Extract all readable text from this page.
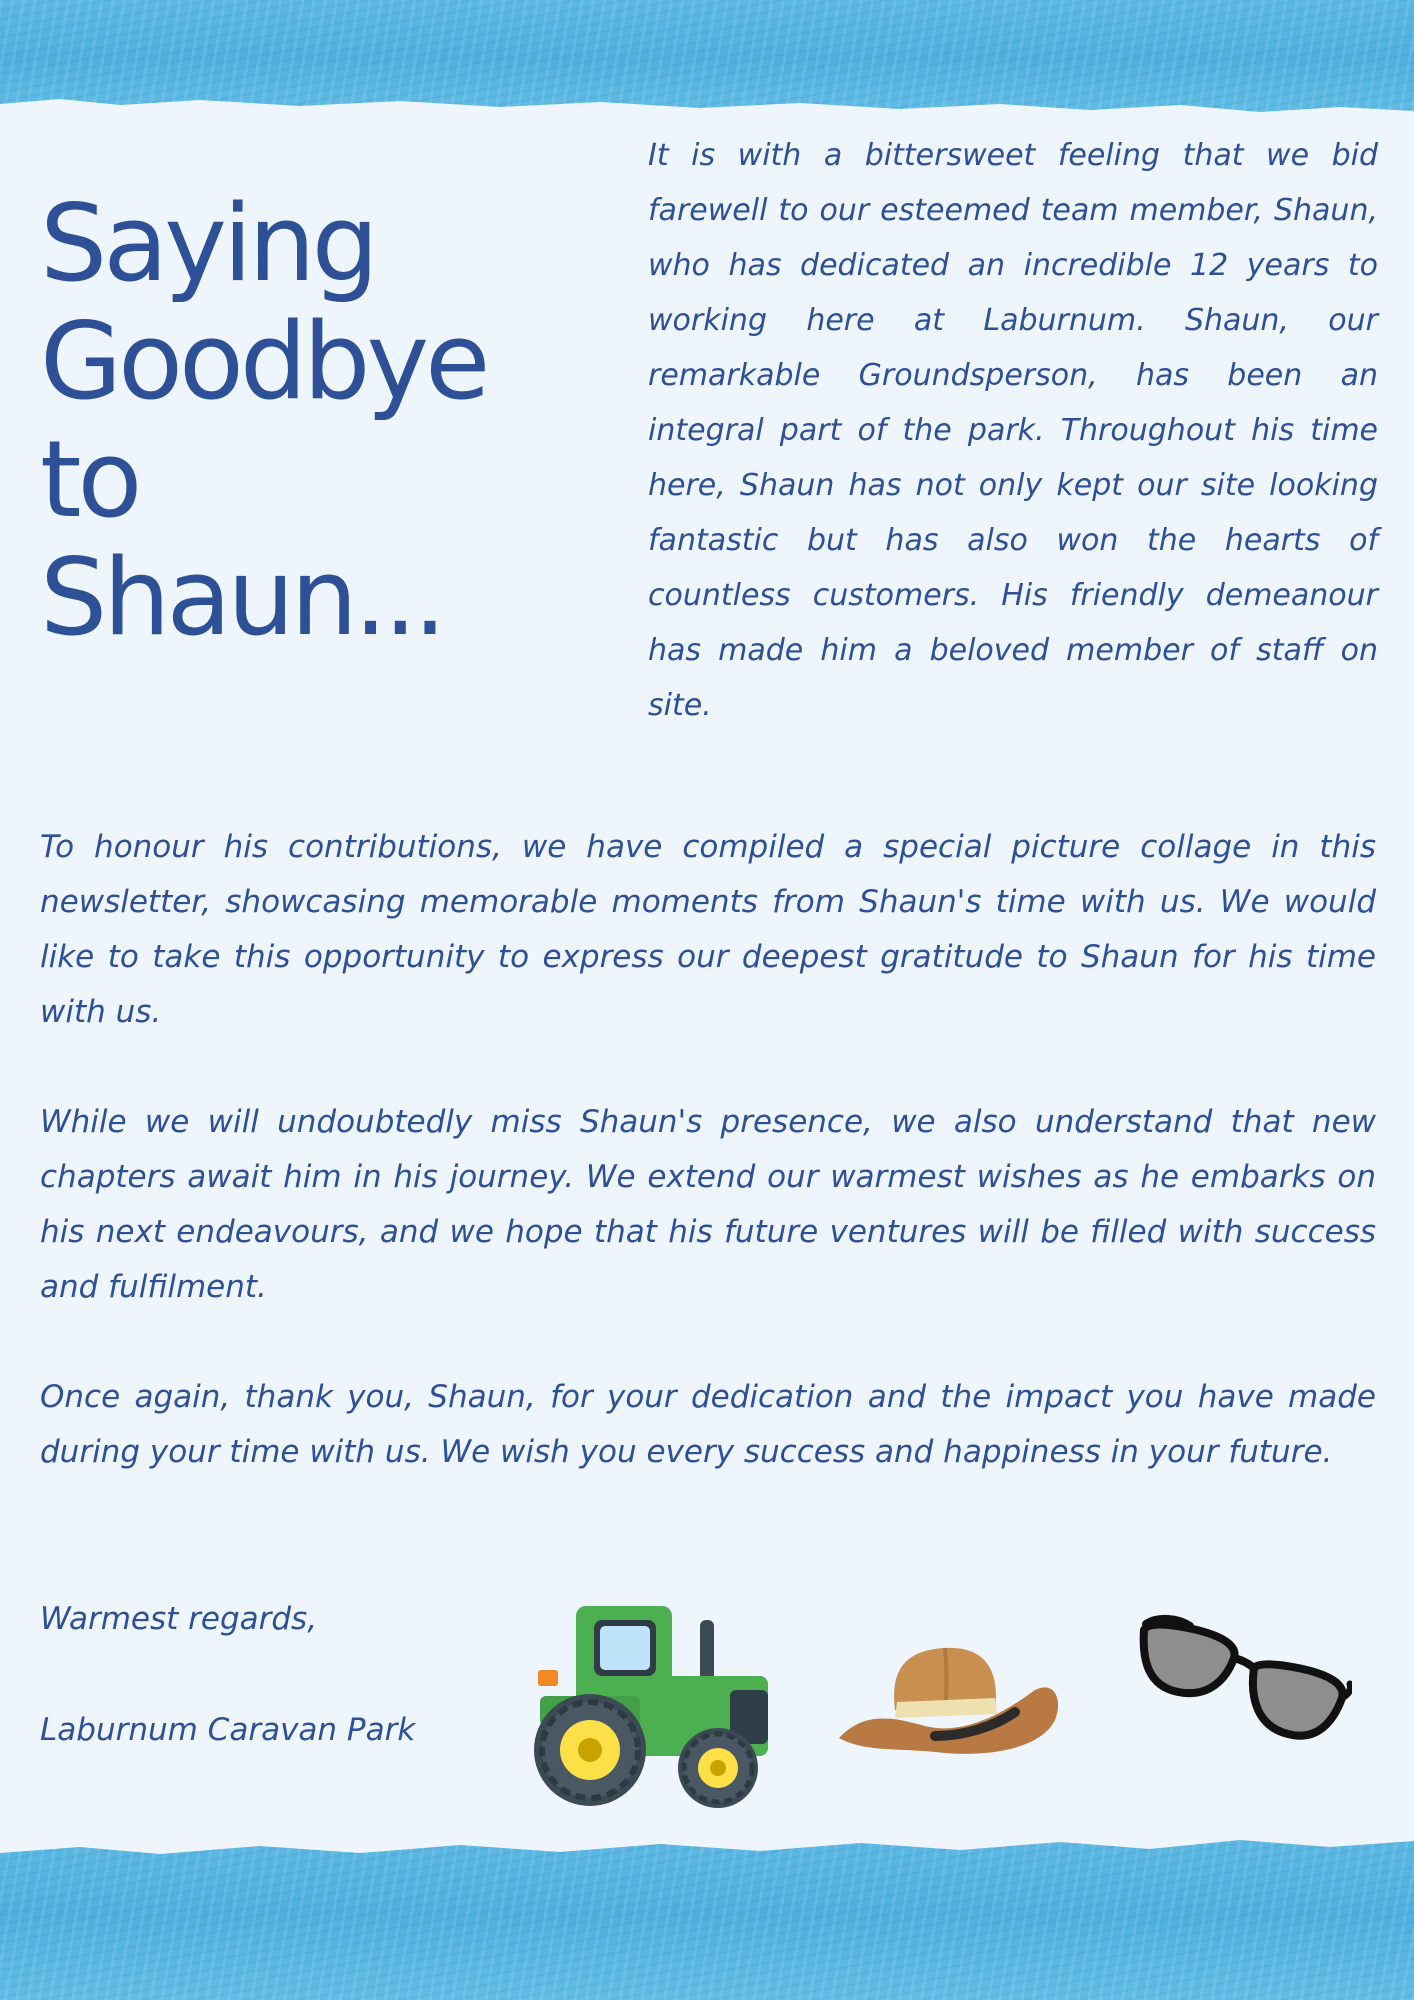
Saying
Goodbye
to
Shaun...

It is with a bittersweet feeling that we bid farewell to our esteemed team member, Shaun, who has dedicated an incredible 12 years to working here at Laburnum. Shaun, our remarkable Groundsperson, has been an integral part of the park. Throughout his time here, Shaun has not only kept our site looking fantastic but has also won the hearts of countless customers. His friendly demeanour has made him a beloved member of staff on site.

To honour his contributions, we have compiled a special picture collage in this newsletter, showcasing memorable moments from Shaun's time with us. We would like to take this opportunity to express our deepest gratitude to Shaun for his time with us.

While we will undoubtedly miss Shaun's presence, we also understand that new chapters await him in his journey. We extend our warmest wishes as he embarks on his next endeavours, and we hope that his future ventures will be filled with success and fulfilment.

Once again, thank you, Shaun, for your dedication and the impact you have made during your time with us. We wish you every success and happiness in your future.

Warmest regards,

Laburnum Caravan Park
